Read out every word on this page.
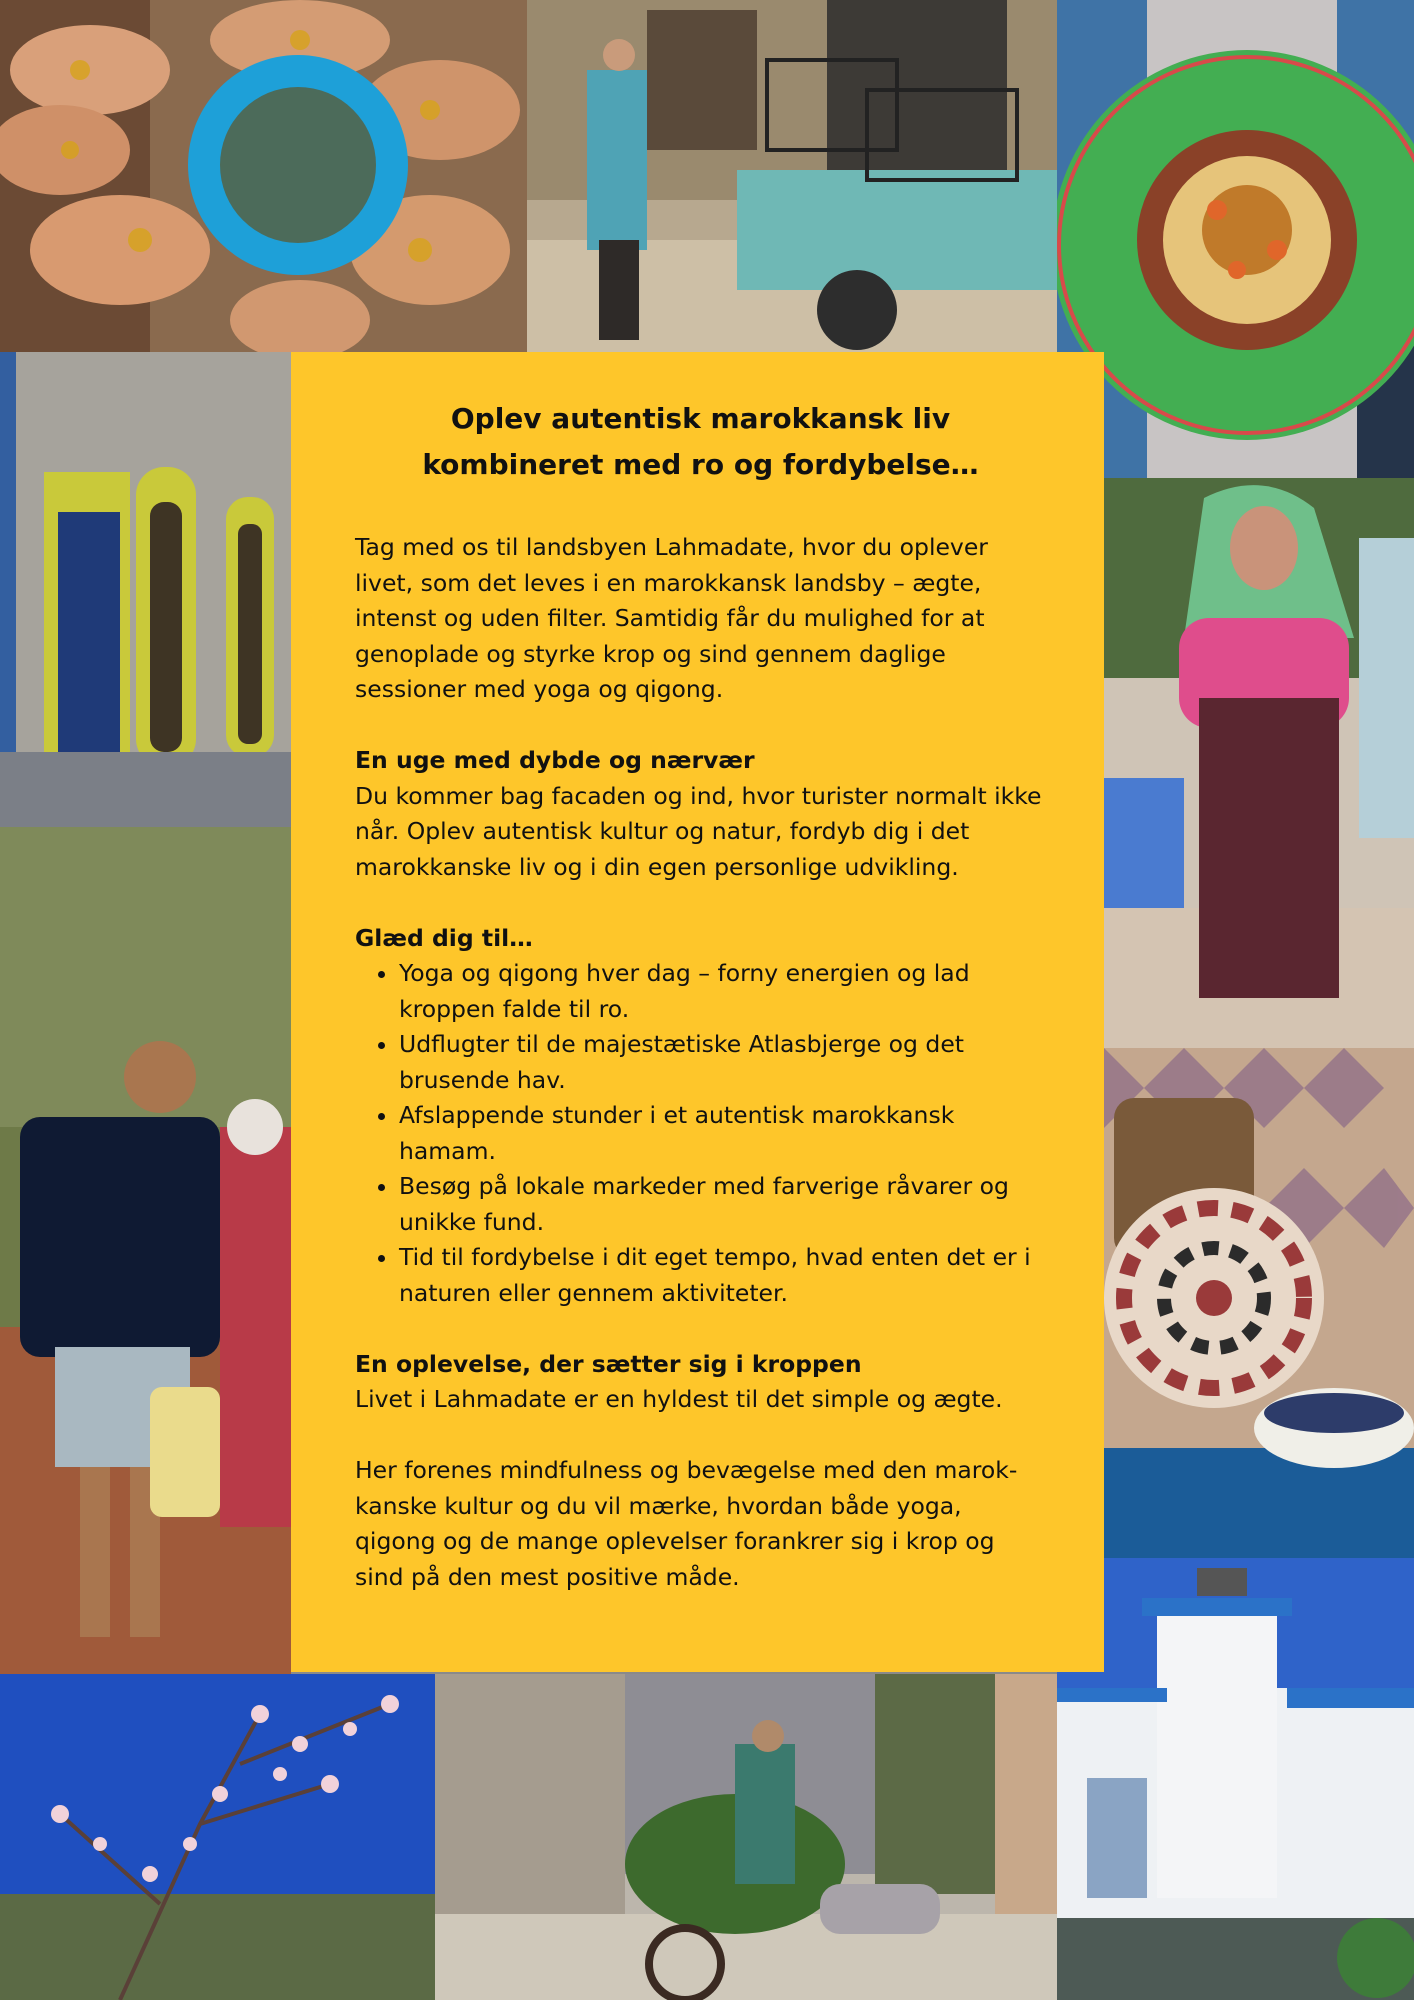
Oplev autentisk marokkansk liv
kombineret med ro og fordybelse…

Tag med os til landsbyen Lahmadate, hvor du oplever livet, som det leves i en marokkansk landsby – ægte, intenst og uden filter. Samtidig får du mulighed for at genoplade og styrke krop og sind gennem daglige sessioner med yoga og qigong.

En uge med dybde og nærvær

Du kommer bag facaden og ind, hvor turister normalt ikke når. Oplev autentisk kultur og natur, fordyb dig i det marokkanske liv og i din egen personlige udvikling.

Glæd dig til…

• Yoga og qigong hver dag – forny energien og lad kroppen falde til ro.
• Udflugter til de majestætiske Atlasbjerge og det brusende hav.
• Afslappende stunder i et autentisk marokkansk hamam.
• Besøg på lokale markeder med farverige råvarer og unikke fund.
• Tid til fordybelse i dit eget tempo, hvad enten det er i naturen eller gennem aktiviteter.

En oplevelse, der sætter sig i kroppen

Livet i Lahmadate er en hyldest til det simple og ægte.

Her forenes mindfulness og bevægelse med den marok-kanske kultur og du vil mærke, hvordan både yoga, qigong og de mange oplevelser forankrer sig i krop og sind på den mest positive måde.
